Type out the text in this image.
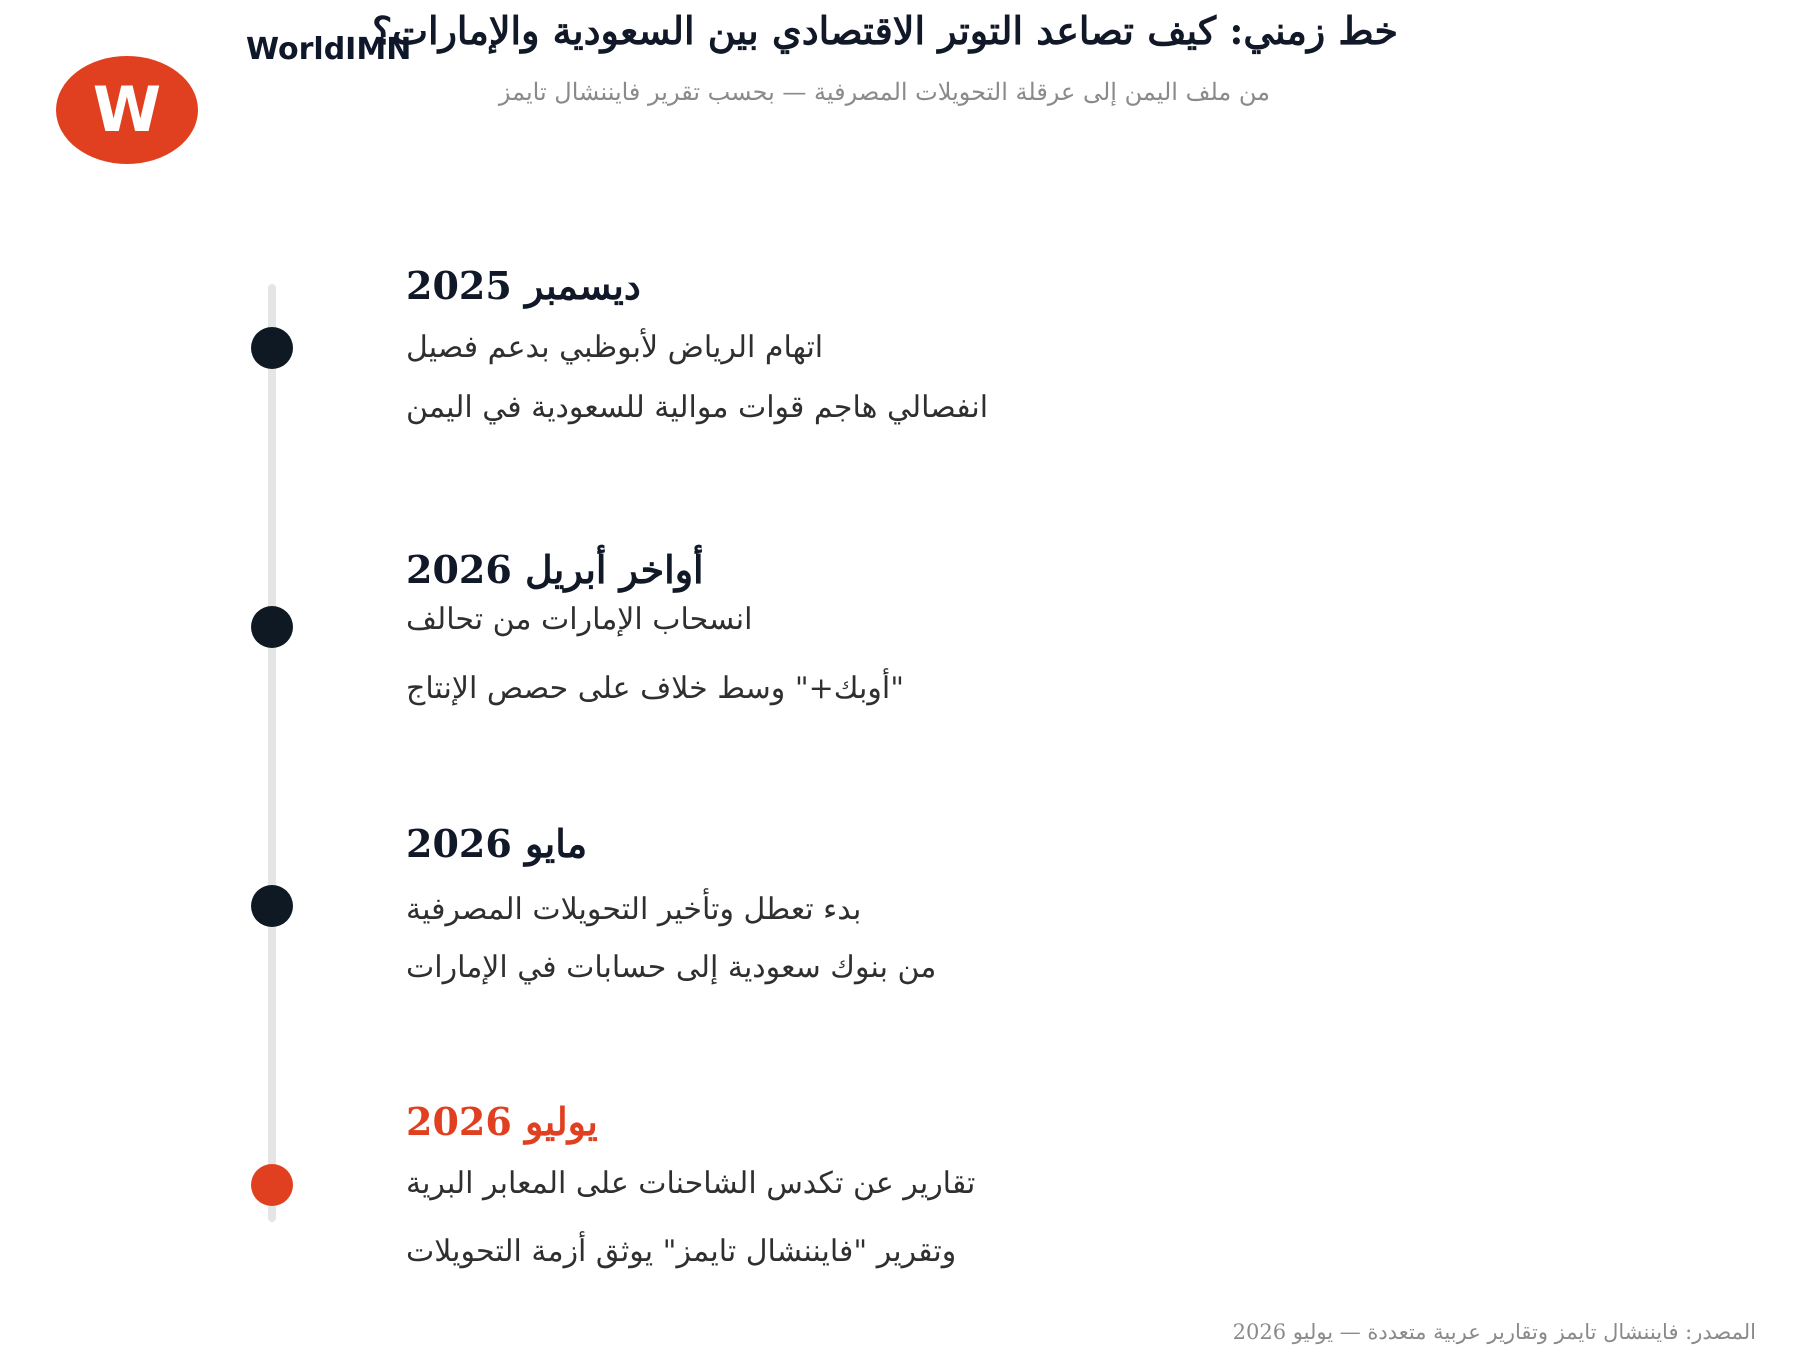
W
WorldIMN
خط زمني: كيف تصاعد التوتر الاقتصادي بين السعودية والإمارات؟
من ملف اليمن إلى عرقلة التحويلات المصرفية — بحسب تقرير فايننشال تايمز
ديسمبر 2025
اتهام الرياض لأبوظبي بدعم فصيل
انفصالي هاجم قوات موالية للسعودية في اليمن
أواخر أبريل 2026
انسحاب الإمارات من تحالف
"أوبك+" وسط خلاف على حصص الإنتاج
مايو 2026
بدء تعطل وتأخير التحويلات المصرفية
من بنوك سعودية إلى حسابات في الإمارات
يوليو 2026
تقارير عن تكدس الشاحنات على المعابر البرية
وتقرير "فايننشال تايمز" يوثق أزمة التحويلات
المصدر: فايننشال تايمز وتقارير عربية متعددة — يوليو 2026
